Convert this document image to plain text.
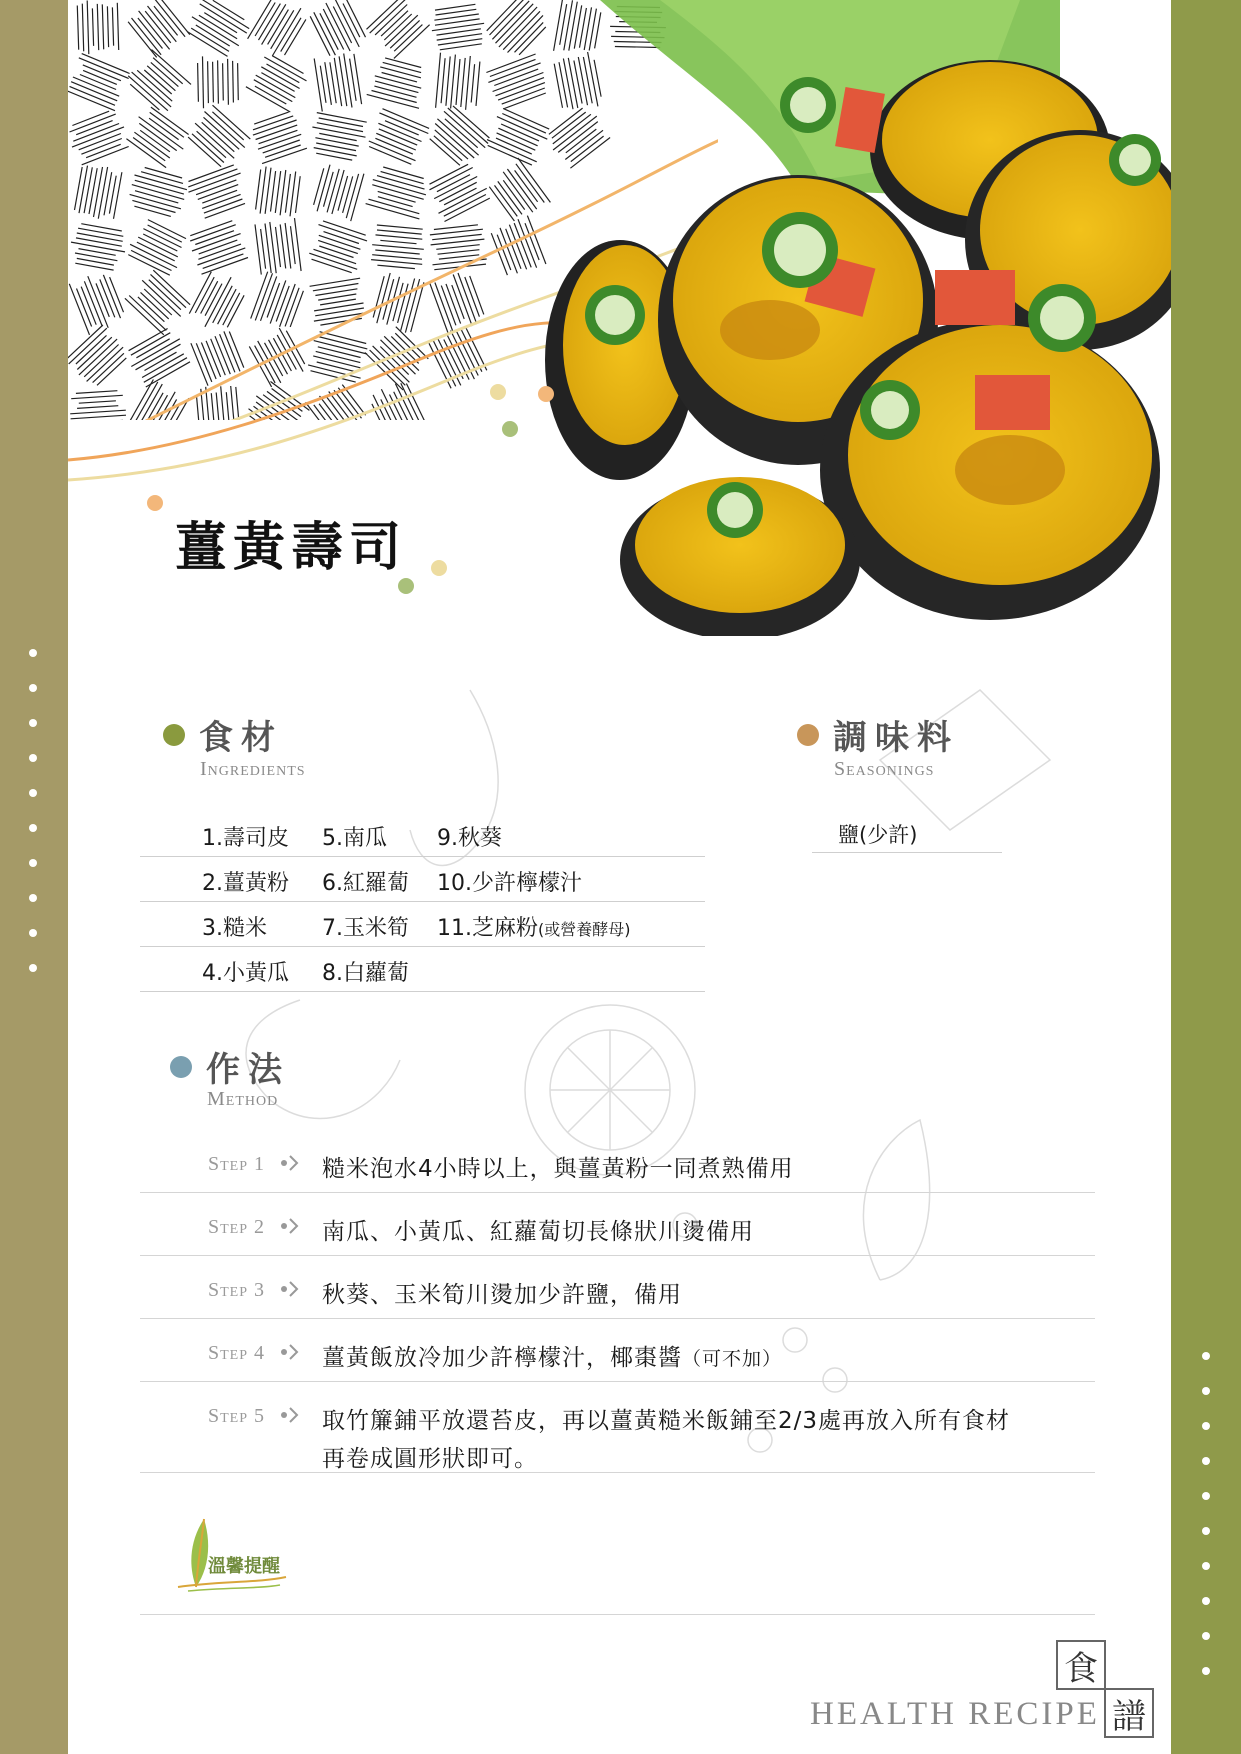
薑黃壽司
食材
Ingredients
1.壽司皮 5.南瓜 9.秋葵
2.薑黃粉 6.紅羅蔔 10.少許檸檬汁
3.糙米	7.玉米筍 11.芝麻粉(或營養酵母)
4.小黃瓜 8.白蘿蔔
調味料
Seasonings
鹽(少許)
作法
Method
Step 1 糙米泡水4小時以上，與薑黃粉一同煮熟備用
Step 2 南瓜、小黃瓜、紅蘿蔔切長條狀川燙備用
Step 3 秋葵、玉米筍川燙加少許鹽，備用
Step 4 薑黃飯放冷加少許檸檬汁，椰棗醬（可不加）
Step 5 取竹簾鋪平放還苔皮，再以薑黃糙米飯鋪至2/3處再放入所有食材
再卷成圓形狀即可。
溫馨提醒
HEALTH RECIPE
食
譜
